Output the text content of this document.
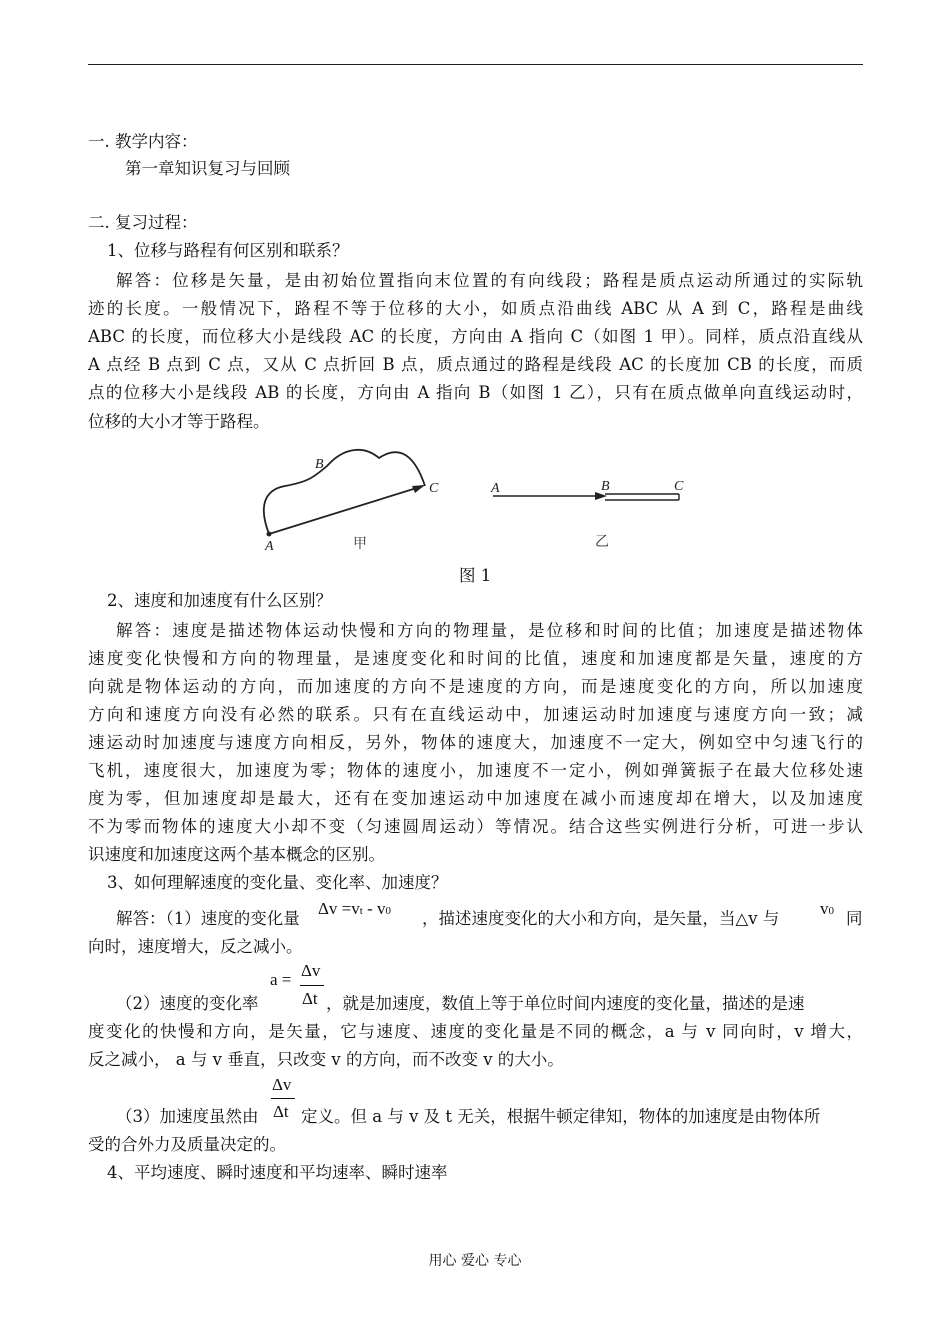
一. 教学内容：
第一章知识复习与回顾
二. 复习过程：
1、位移与路程有何区别和联系？
解答：位移是矢量，是由初始位置指向末位置的有向线段；路程是质点运动所通过的实际轨
迹的长度。一般情况下，路程不等于位移的大小，如质点沿曲线 ABC 从 A 到 C，路程是曲线
ABC 的长度，而位移大小是线段 AC 的长度，方向由 A 指向 C（如图 1 甲）。同样，质点沿直线从
A 点经 B 点到 C 点，又从 C 点折回 B 点，质点通过的路程是线段 AC 的长度加 CB 的长度，而质
点的位移大小是线段 AB 的长度，方向由 A 指向 B（如图 1 乙），只有在质点做单向直线运动时，
位移的大小才等于路程。
A
B
C
甲
A	B	C
乙
图 1
2、速度和加速度有什么区别？
解答：速度是描述物体运动快慢和方向的物理量，是位移和时间的比值；加速度是描述物体
速度变化快慢和方向的物理量，是速度变化和时间的比值，速度和加速度都是矢量，速度的方
向就是物体运动的方向，而加速度的方向不是速度的方向，而是速度变化的方向，所以加速度
方向和速度方向没有必然的联系。只有在直线运动中，加速运动时加速度与速度方向一致；减
速运动时加速度与速度方向相反，另外，物体的速度大，加速度不一定大，例如空中匀速飞行的
飞机，速度很大，加速度为零；物体的速度小，加速度不一定小，例如弹簧振子在最大位移处速
度为零，但加速度却是最大，还有在变加速运动中加速度在减小而速度却在增大，以及加速度
不为零而物体的速度大小却不变（匀速圆周运动）等情况。结合这些实例进行分析，可进一步认
识速度和加速度这两个基本概念的区别。
3、如何理解速度的变化量、变化率、加速度？
解答：（1）速度的变化量
Δv =vt - v0 ，描述速度变化的大小和方向，是矢量，当△v 与
v0 同
向时，速度增大，反之减小。
a = Δv
Δt
（2）速度的变化率	，就是加速度，数值上等于单位时间内速度的变化量，描述的是速
度变化的快慢和方向，是矢量，它与速度、速度的变化量是不同的概念，a 与 v 同向时，v 增大，
反之减小， a 与 v 垂直，只改变 v 的方向，而不改变 v 的大小。
Δv
Δt
（3）加速度虽然由	定义。但 a 与 v 及 t 无关，根据牛顿定律知，物体的加速度是由物体所
受的合外力及质量决定的。
4、平均速度、瞬时速度和平均速率、瞬时速率
用心 爱心 专心
